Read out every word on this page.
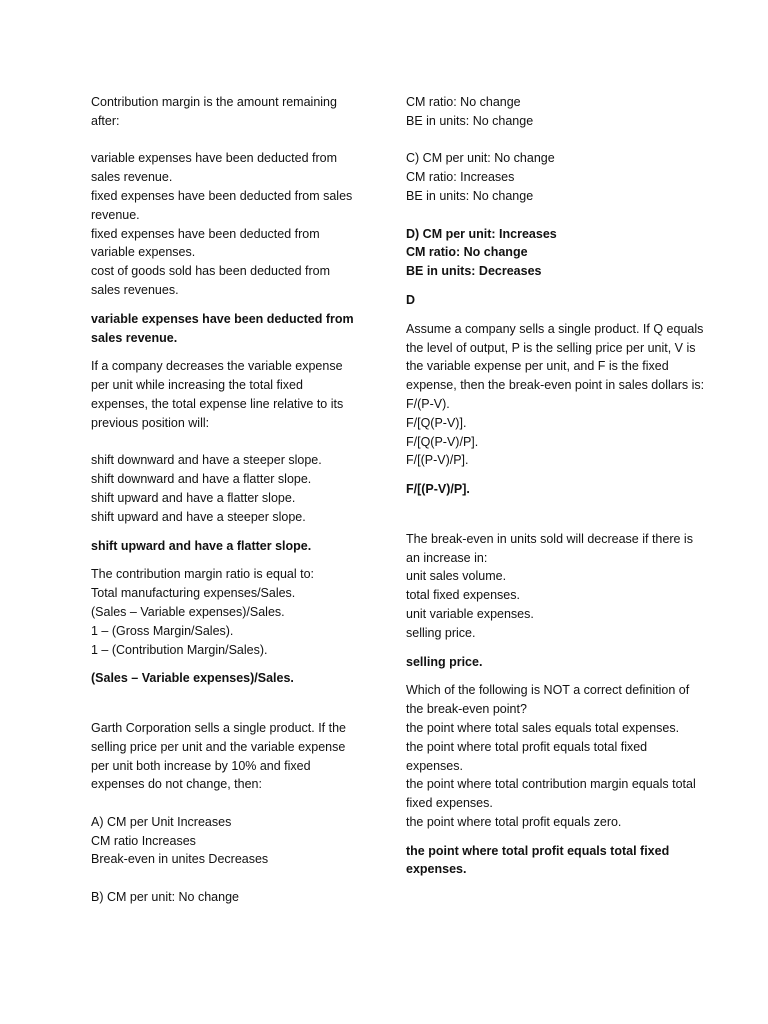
Contribution margin is the amount remaining after:

variable expenses have been deducted from sales revenue.

fixed expenses have been deducted from sales revenue.

fixed expenses have been deducted from variable expenses.

cost of goods sold has been deducted from sales revenues.

variable expenses have been deducted from sales revenue.

If a company decreases the variable expense per unit while increasing the total fixed expenses, the total expense line relative to its previous position will:

shift downward and have a steeper slope.

shift downward and have a flatter slope.

shift upward and have a flatter slope.

shift upward and have a steeper slope.

shift upward and have a flatter slope.

The contribution margin ratio is equal to:

Total manufacturing expenses/Sales.

(Sales – Variable expenses)/Sales.

1 – (Gross Margin/Sales).

1 – (Contribution Margin/Sales).

(Sales – Variable expenses)/Sales.

Garth Corporation sells a single product. If the selling price per unit and the variable expense per unit both increase by 10% and fixed expenses do not change, then:

A) CM per Unit Increases

CM ratio Increases

Break-even in unites Decreases

B) CM per unit: No change

CM ratio: No change

BE in units: No change

C) CM per unit: No change

CM ratio: Increases

BE in units: No change

D) CM per unit: Increases

CM ratio: No change

BE in units: Decreases

D

Assume a company sells a single product. If Q equals the level of output, P is the selling price per unit, V is the variable expense per unit, and F is the fixed expense, then the break-even point in sales dollars is:

F/(P-V).

F/[Q(P-V)].

F/[Q(P-V)/P].

F/[(P-V)/P].

F/[(P-V)/P].

The break-even in units sold will decrease if there is an increase in:

unit sales volume.

total fixed expenses.

unit variable expenses.

selling price.

selling price.

Which of the following is NOT a correct definition of the break-even point?

the point where total sales equals total expenses.

the point where total profit equals total fixed expenses.

the point where total contribution margin equals total fixed expenses.

the point where total profit equals zero.

the point where total profit equals total fixed expenses.
